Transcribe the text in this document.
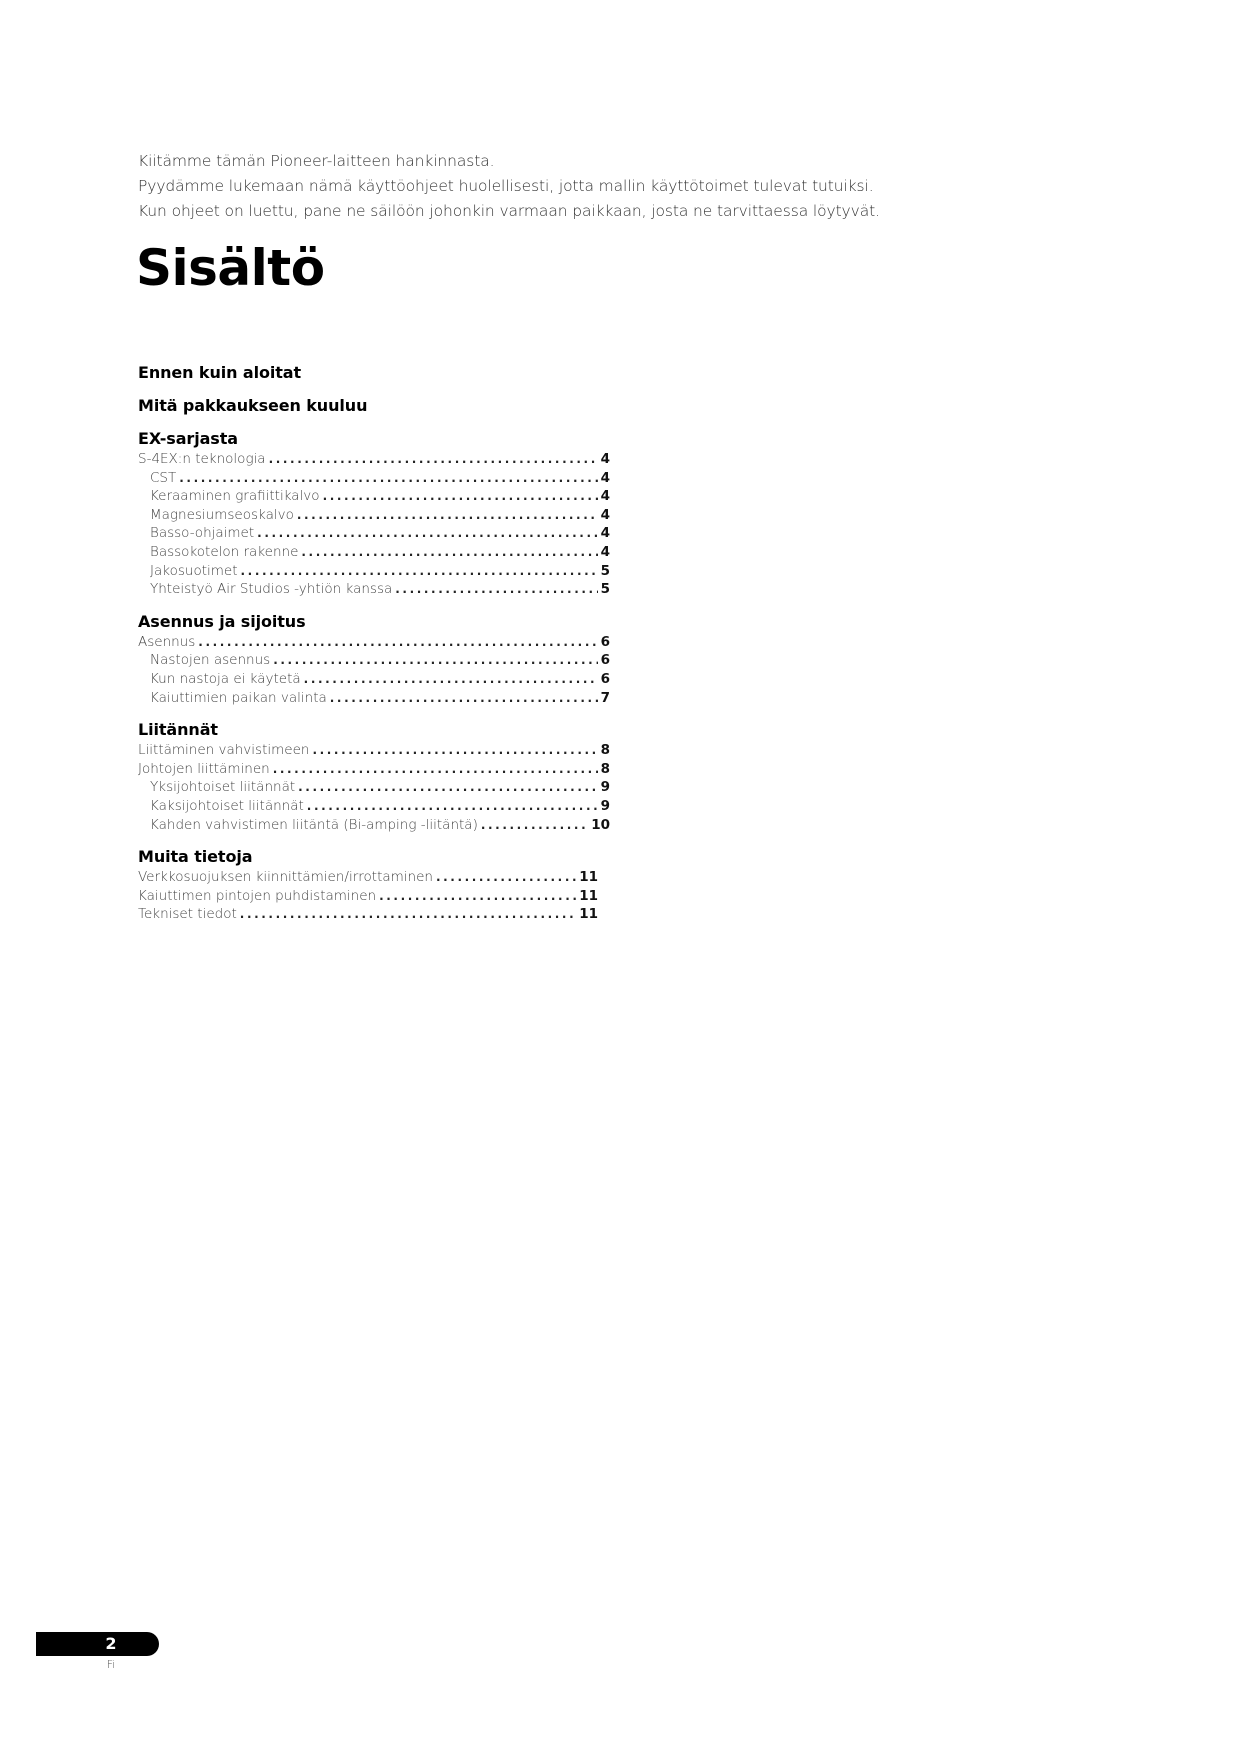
Kiitämme tämän Pioneer-laitteen hankinnasta.

Pyydämme lukemaan nämä käyttöohjeet huolellisesti, jotta mallin käyttötoimet tulevat tutuiksi.

Kun ohjeet on luettu, pane ne säilöön johonkin varmaan paikkaan, josta ne tarvittaessa löytyvät.

Sisältö
Ennen kuin aloitat
Mitä pakkaukseen kuuluu
EX-sarjasta
S-4EX:n teknologia .....	4
CST .....	4
Keraaminen grafiittikalvo .....	4
Magnesiumseoskalvo .....	4
Basso-ohjaimet .....	4
Bassokotelon rakenne .....	4
Jakosuotimet .....	5
Yhteistyö Air Studios -yhtiön kanssa .....	5
Asennus ja sijoitus
Asennus .....	6
Nastojen asennus .....	6
Kun nastoja ei käytetä .....	6
Kaiuttimien paikan valinta .....	7
Liitännät
Liittäminen vahvistimeen .....	8
Johtojen liittäminen .....	8
Yksijohtoiset liitännät .....	9
Kaksijohtoiset liitännät .....	9
Kahden vahvistimen liitäntä (Bi-amping -liitäntä) .....	10
Muita tietoja
Verkkosuojuksen kiinnittämien/irrottaminen .....	11
Kaiuttimen pintojen puhdistaminen .....	11
Tekniset tiedot .....	11
2
Fi
